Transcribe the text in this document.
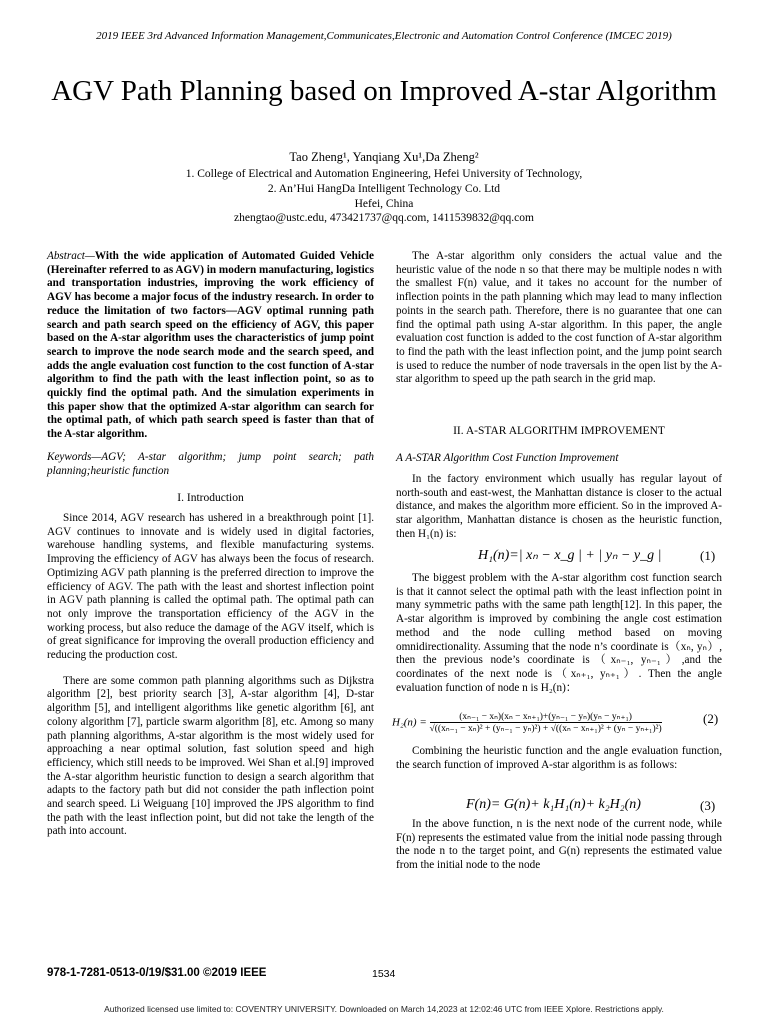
2019 IEEE 3rd Advanced Information Management,Communicates,Electronic and Automation Control Conference (IMCEC 2019)
AGV Path Planning based on Improved A-star Algorithm
Tao Zheng¹, Yanqiang Xu¹,Da Zheng²
1. College of Electrical and Automation Engineering, Hefei University of Technology,
2. An’Hui HangDa Intelligent Technology Co. Ltd
Hefei, China
zhengtao@ustc.edu, 473421737@qq.com, 1411539832@qq.com
Abstract—With the wide application of Automated Guided Vehicle (Hereinafter referred to as AGV) in modern manufacturing, logistics and transportation industries, improving the work efficiency of AGV has become a major focus of the industry research. In order to reduce the limitation of two factors—AGV optimal running path search and path search speed on the efficiency of AGV, this paper based on the A-star algorithm uses the characteristics of jump point search to improve the node search mode and the search speed, and adds the angle evaluation cost function to the cost function of A-star algorithm to find the path with the least inflection point, so as to quickly find the optimal path. And the simulation experiments in this paper show that the optimized A-star algorithm can search for the optimal path, of which path search speed is faster than that of the A-star algorithm.
Keywords—AGV; A-star algorithm; jump point search; path planning;heuristic function
I. Introduction

Since 2014, AGV research has ushered in a breakthrough point [1]. AGV continues to innovate and is widely used in digital factories, warehouse handling systems, and flexible manufacturing systems. Improving the efficiency of AGV has always been the focus of research. Optimizing AGV path planning is the preferred direction to improve the efficiency of AGV. The path with the least and shortest inflection point in AGV path planning is called the optimal path. The optimal path can not only improve the transportation efficiency of the AGV in the working process, but also reduce the damage of the AGV itself, which is of great significance for improving the overall production efficiency and reducing the production cost.

There are some common path planning algorithms such as Dijkstra algorithm [2], best priority search [3], A-star algorithm [4], D-star algorithm [5], and intelligent algorithms like genetic algorithm [6], ant colony algorithm [7], particle swarm algorithm [8], etc. Among so many path planning algorithms, A-star algorithm is the most widely used for approaching a near optimal solution, fast solution speed and high efficiency, which still needs to be improved. Wei Shan et al.[9] improved the A-star algorithm heuristic function to design a search algorithm that adapts to the factory path but did not consider the path inflection point and search speed. Li Weiguang [10] improved the JPS algorithm to find the path with the least inflection point, but did not take the length of the path into account.

The A-star algorithm only considers the actual value and the heuristic value of the node n so that there may be multiple nodes n with the smallest F(n) value, and it takes no account for the number of inflection points in the path planning which may lead to many inflection points in the search path. Therefore, there is no guarantee that one can find the optimal path using A-star algorithm. In this paper, the angle evaluation cost function is added to the cost function of A-star algorithm to find the path with the least inflection point, and the jump point search is used to reduce the number of node traversals in the open list by the A-star algorithm to speed up the path search in the grid map.

II. A-STAR ALGORITHM IMPROVEMENT
A A-STAR Algorithm Cost Function Improvement

In the factory environment which usually has regular layout of north-south and east-west, the Manhattan distance is closer to the actual distance, and makes the algorithm more efficient. So in the improved A-star algorithm, Manhattan distance is chosen as the heuristic function, then H₁(n) is:

H₁(n)=| xₙ − x_g | + | yₙ − y_g |	(1)

The biggest problem with the A-star algorithm cost function search is that it cannot select the optimal path with the least inflection point in many symmetric paths with the same path length[12]. In this paper, the A-star algorithm is improved by combining the angle cost estimation method and the node culling method based on moving omnidirectionality. Assuming that the node n’s coordinate is（xₙ, yₙ）, then the previous node’s coordinate is（xₙ₋₁, yₙ₋₁）,and the coordinates of the next node is（xₙ₊₁, yₙ₊₁）. Then the angle evaluation function of node n is H₂(n)：

H₂(n) =	(xₙ₋₁ − xₙ)(xₙ − xₙ₊₁)+(yₙ₋₁ − yₙ)(yₙ − yₙ₊₁)
√((xₙ₋₁ − xₙ)² + (yₙ₋₁ − yₙ)²) + √((xₙ − xₙ₊₁)² + (yₙ − yₙ₊₁)²)
(2)

Combining the heuristic function and the angle evaluation function, the search function of improved A-star algorithm is as follows:

F(n)= G(n)+ k₁H₁(n)+ k₂H₂(n)	(3)

In the above function, n is the next node of the current node, while F(n) represents the estimated value from the initial node passing through the node n to the target point, and G(n) represents the estimated value from the initial node to the node

978-1-7281-0513-0/19/$31.00 ©2019 IEEE	1534
Authorized licensed use limited to: COVENTRY UNIVERSITY. Downloaded on March 14,2023 at 12:02:46 UTC from IEEE Xplore. Restrictions apply.
